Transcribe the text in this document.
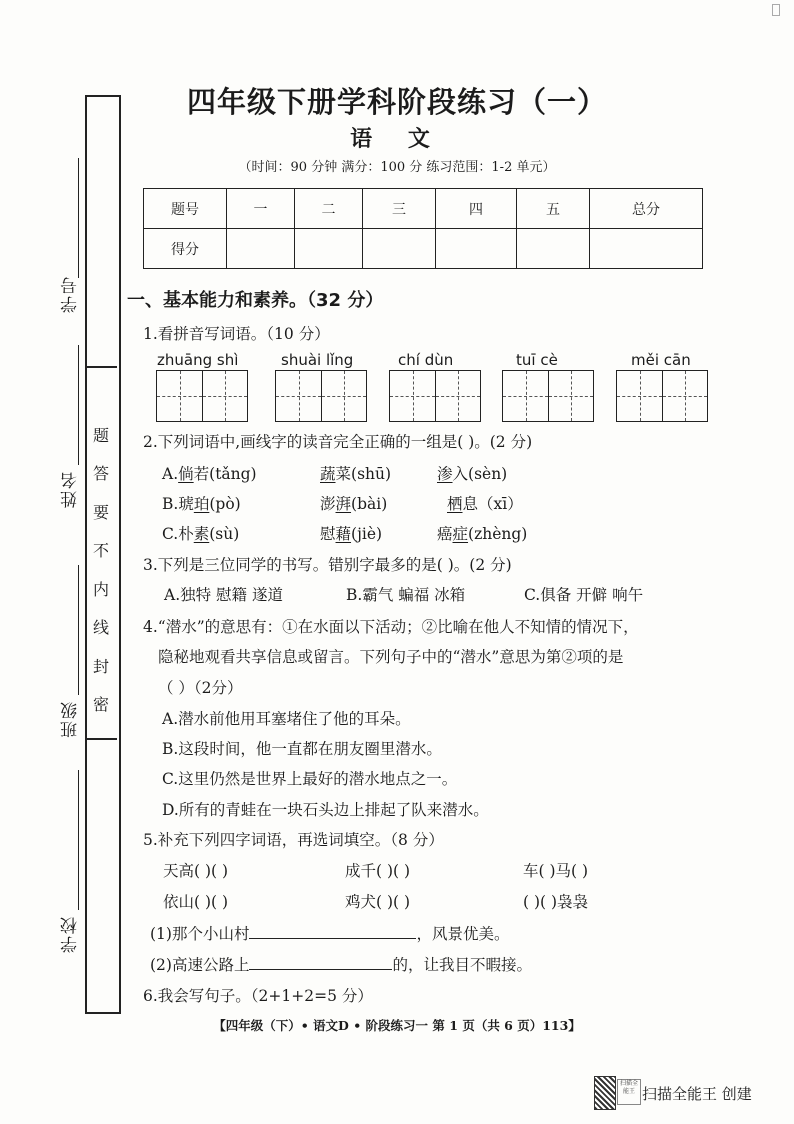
学号
姓名
班级
学校
题
答
要
不
内
线
封
密
四年级下册学科阶段练习（一）
语 文
（时间：90 分钟 满分：100 分 练习范围：1-2 单元）
题号	一	二	三	四	五	总分
得分						
一、基本能力和素养。（32 分）
1.看拼音写词语。（10 分）
zhuāng shì	shuài lǐng	chí dùn	tuī cè	měi cān
2.下列词语中,画线字的读音完全正确的一组是( )。(2 分)
A.倘若(tǎng)	蔬菜(shū)	渗入(sèn)
B.琥珀(pò)	澎湃(bài)	栖息（xī）
C.朴素(sù)	慰藉(jiè)	癌症(zhèng)
3.下列是三位同学的书写。错别字最多的是( )。(2 分)
A.独特 慰籍 遂道	B.霸气 蝙福 冰箱	C.俱备 开僻 响午
4.“潜水”的意思有：①在水面以下活动；②比喻在他人不知情的情况下，
隐秘地观看共享信息或留言。下列句子中的“潜水”意思为第②项的是
（ ）（2分）
A.潜水前他用耳塞堵住了他的耳朵。
B.这段时间，他一直都在朋友圈里潜水。
C.这里仍然是世界上最好的潜水地点之一。
D.所有的青蛙在一块石头边上排起了队来潜水。
5.补充下列四字词语，再选词填空。（8 分）
天高( )( )	成千( )( )	车( )马( )
依山( )( )	鸡犬( )( )	( )( )袅袅
(1)那个小山村	，风景优美。
(2)高速公路上	的，让我目不暇接。
6.我会写句子。（2+1+2=5 分）
【四年级（下）• 语文D • 阶段练习一 第 1 页（共 6 页）113】
扫描全能王 扫描全能王 创建
